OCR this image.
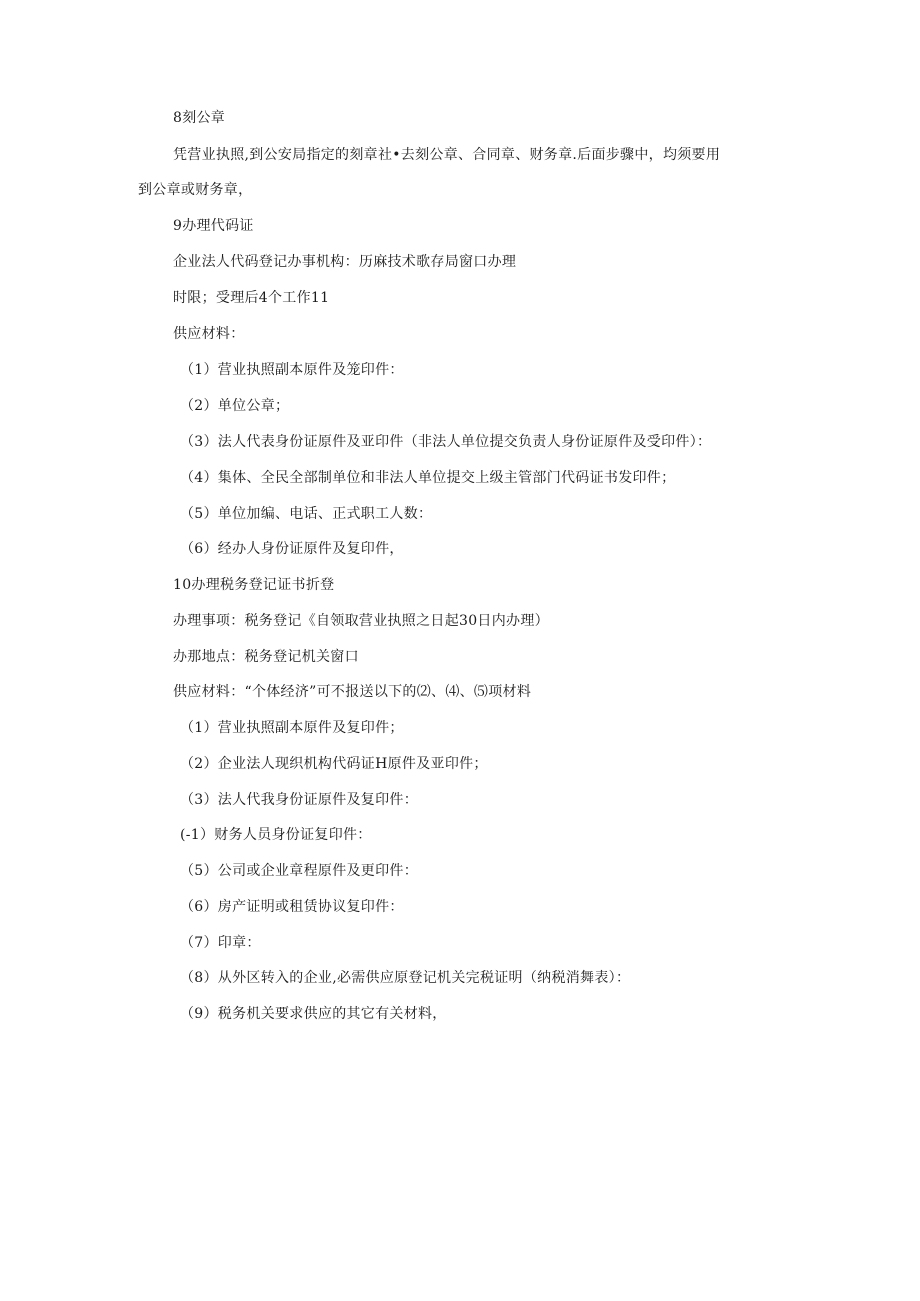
8刻公章
凭营业执照,到公安局指定的刻章社•去刻公章、合同章、财务章.后面步骤中，均须要用
到公章或财务章，
9办理代码证
企业法人代码登记办事机构：历麻技术歌存局窗口办理
时限；受理后4个工作11
供应材料：
（1）营业执照副本原件及笼印件：
（2）单位公章；
（3）法人代表身份证原件及亚印件（非法人单位提交负责人身份证原件及受印件）：
（4）集体、全民全部制单位和非法人单位提交上级主管部门代码证书发印件；
（5）单位加编、电话、正式职工人数：
（6）经办人身份证原件及复印件，
10办理税务登记证书折登
办理事项：税务登记《自领取营业执照之日起30日内办理）
办那地点：税务登记机关窗口
供应材料：“个体经济”可不报送以下的⑵、⑷、⑸项材料
（1）营业执照副本原件及复印件；
（2）企业法人现织机构代码证H原件及亚印件；
（3）法人代我身份证原件及复印件：
(-1）财务人员身份证复印件：
（5）公司或企业章程原件及更印件：
（6）房产证明或租赁协议复印件：
（7）印章：
（8）从外区转入的企业,必需供应原登记机关完税证明（纳税消舞表）：
（9）税务机关要求供应的其它有关材料，
